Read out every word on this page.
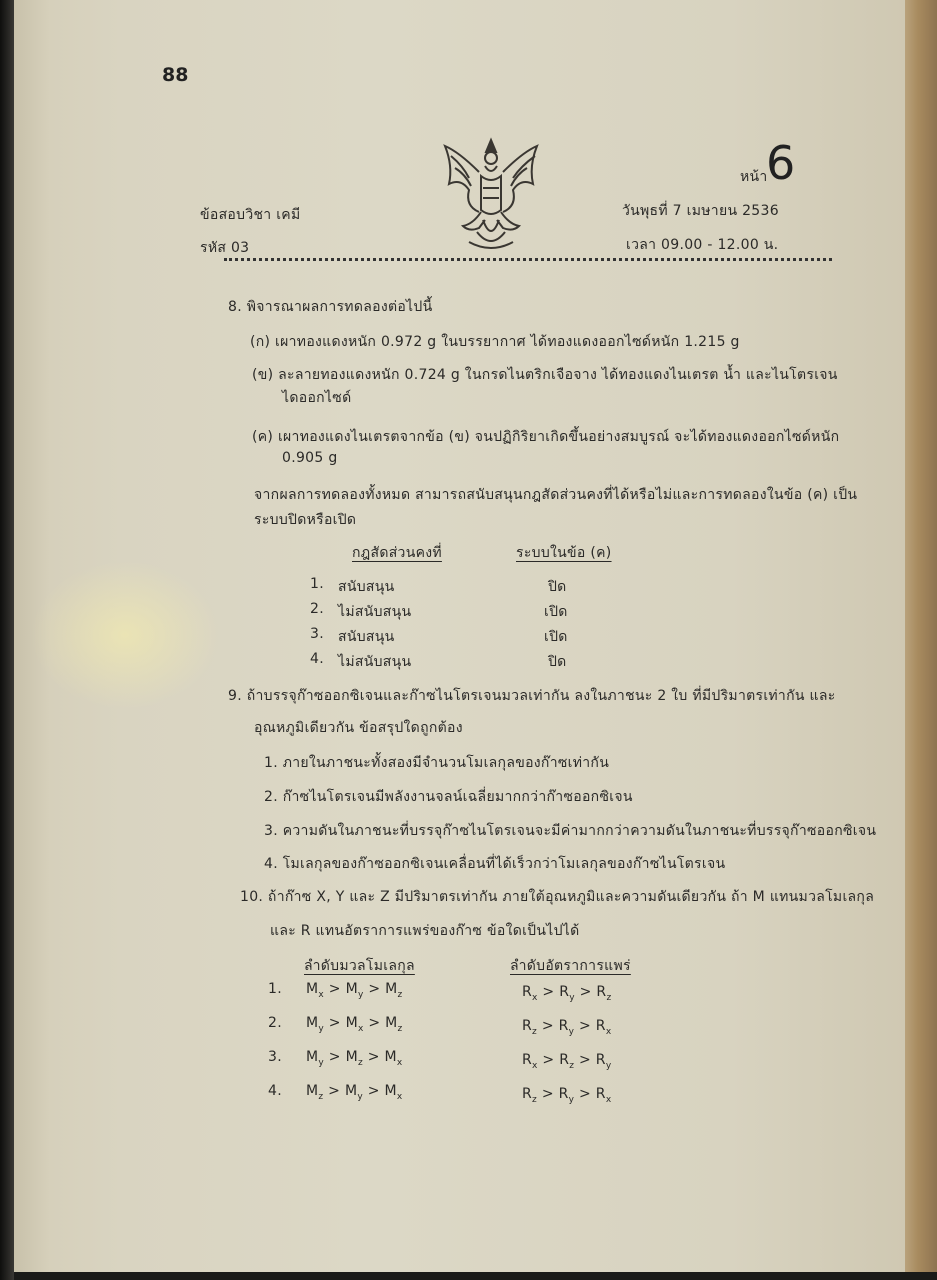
88
หน้า
6
ข้อสอบวิชา เคมี	วันพุธที่ 7 เมษายน 2536
รหัส 03	เวลา 09.00 - 12.00 น.
8. พิจารณาผลการทดลองต่อไปนี้
(ก) เผาทองแดงหนัก 0.972 g ในบรรยากาศ ได้ทองแดงออกไซด์หนัก 1.215 g
(ข) ละลายทองแดงหนัก 0.724 g ในกรดไนตริกเจือจาง ได้ทองแดงไนเตรต น้ำ และไนโตรเจน
ไดออกไซด์
(ค) เผาทองแดงไนเตรตจากข้อ (ข) จนปฏิกิริยาเกิดขึ้นอย่างสมบูรณ์ จะได้ทองแดงออกไซด์หนัก
0.905 g
จากผลการทดลองทั้งหมด สามารถสนับสนุนกฎสัดส่วนคงที่ได้หรือไม่และการทดลองในข้อ (ค) เป็น
ระบบปิดหรือเปิด
กฎสัดส่วนคงที่	ระบบในข้อ (ค)
1. สนับสนุน	ปิด
2. ไม่สนับสนุน	เปิด
3. สนับสนุน	เปิด
4. ไม่สนับสนุน	ปิด
9. ถ้าบรรจุก๊าซออกซิเจนและก๊าซไนโตรเจนมวลเท่ากัน ลงในภาชนะ 2 ใบ ที่มีปริมาตรเท่ากัน และ
อุณหภูมิเดียวกัน ข้อสรุปใดถูกต้อง
1. ภายในภาชนะทั้งสองมีจำนวนโมเลกุลของก๊าซเท่ากัน
2. ก๊าซไนโตรเจนมีพลังงานจลน์เฉลี่ยมากกว่าก๊าซออกซิเจน
3. ความดันในภาชนะที่บรรจุก๊าซไนโตรเจนจะมีค่ามากกว่าความดันในภาชนะที่บรรจุก๊าซออกซิเจน
4. โมเลกุลของก๊าซออกซิเจนเคลื่อนที่ได้เร็วกว่าโมเลกุลของก๊าซไนโตรเจน
10. ถ้าก๊าซ X, Y และ Z มีปริมาตรเท่ากัน ภายใต้อุณหภูมิและความดันเดียวกัน ถ้า M แทนมวลโมเลกุล
และ R แทนอัตราการแพร่ของก๊าซ ข้อใดเป็นไปได้
ลำดับมวลโมเลกุล	ลำดับอัตราการแพร่
1. $M_x > M_y > M_z$	$R_x > R_y > R_z$
2. $M_y > M_x > M_z$	$R_z > R_y > R_x$
3. $M_y > M_z > M_x$	$R_x > R_z > R_y$
4. $M_z > M_y > M_x$	$R_z > R_y > R_x$
